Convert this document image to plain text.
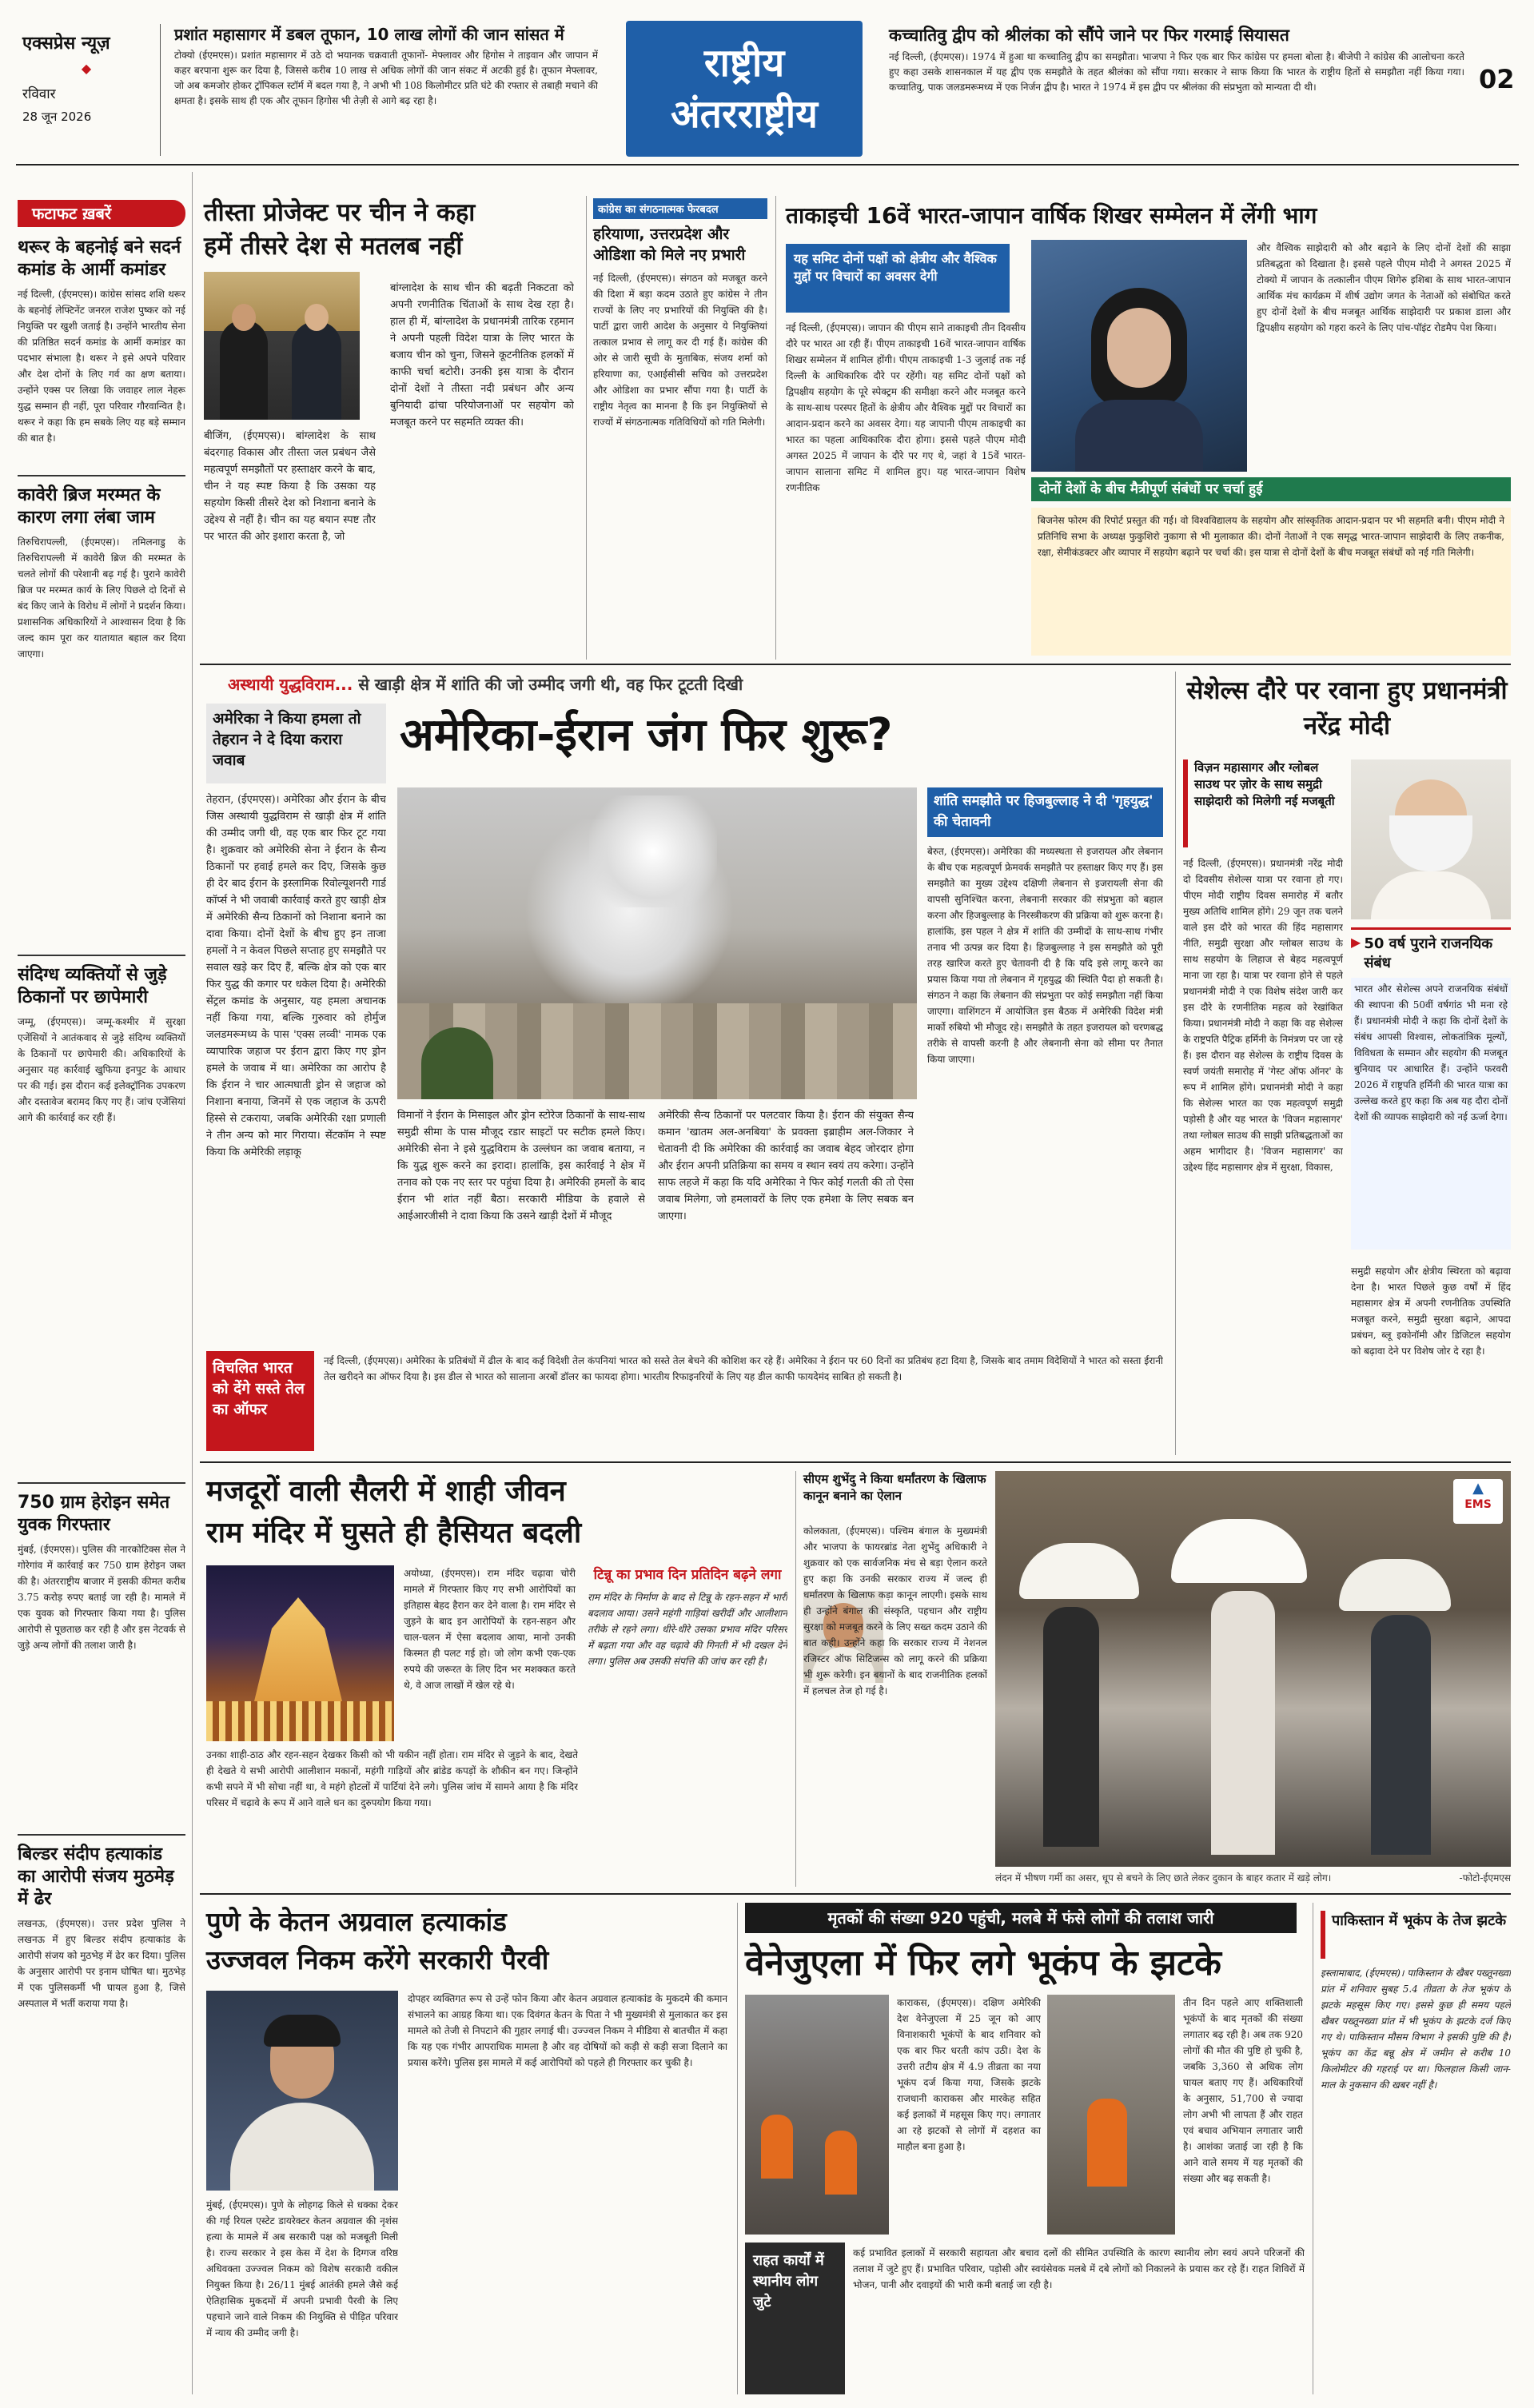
एक्सप्रेस न्यूज़
◆
रविवार
28 जून 2026
प्रशांत महासागर में डबल तूफान, 10 लाख लोगों की जान सांसत में
टोक्यो (ईएमएस)। प्रशांत महासागर में उठे दो भयानक चक्रवाती तूफानों- मेफ्लावर और हिगोस ने ताइवान और जापान में कहर बरपाना शुरू कर दिया है, जिससे करीब 10 लाख से अधिक लोगों की जान संकट में अटकी हुई है। तूफान मेफ्लावर, जो अब कमजोर होकर ट्रॉपिकल स्टॉर्म में बदल गया है, ने अभी भी 108 किलोमीटर प्रति घंटे की रफ्तार से तबाही मचाने की क्षमता है। इसके साथ ही एक और तूफान हिगोस भी तेज़ी से आगे बढ़ रहा है।
राष्ट्रीय
अंतरराष्ट्रीय
कच्चातिवु द्वीप को श्रीलंका को सौंपे जाने पर फिर गरमाई सियासत
नई दिल्ली, (ईएमएस)। 1974 में हुआ था कच्चातिवु द्वीप का समझौता। भाजपा ने फिर एक बार फिर कांग्रेस पर हमला बोला है। बीजेपी ने कांग्रेस की आलोचना करते हुए कहा उसके शासनकाल में यह द्वीप एक समझौते के तहत श्रीलंका को सौंपा गया। सरकार ने साफ किया कि भारत के राष्ट्रीय हितों से समझौता नहीं किया गया। कच्चातिवु, पाक जलडमरूमध्य में एक निर्जन द्वीप है। भारत ने 1974 में इस द्वीप पर श्रीलंका की संप्रभुता को मान्यता दी थी।	02
फटाफट ख़बरें
थरूर के बहनोई बने सदर्न कमांड के आर्मी कमांडर
नई दिल्ली, (ईएमएस)। कांग्रेस सांसद शशि थरूर के बहनोई लेफ्टिनेंट जनरल राजेश पुष्कर को नई नियुक्ति पर खुशी जताई है। उन्होंने भारतीय सेना की प्रतिष्ठित सदर्न कमांड के आर्मी कमांडर का पदभार संभाला है। थरूर ने इसे अपने परिवार और देश दोनों के लिए गर्व का क्षण बताया। उन्होंने एक्स पर लिखा कि जवाहर लाल नेहरू युद्ध सम्मान ही नहीं, पूरा परिवार गौरवान्वित है। थरूर ने कहा कि हम सबके लिए यह बड़े सम्मान की बात है।
कावेरी ब्रिज मरम्मत के कारण लगा लंबा जाम
तिरुचिरापल्ली, (ईएमएस)। तमिलनाडु के तिरुचिरापल्ली में कावेरी ब्रिज की मरम्मत के चलते लोगों की परेशानी बढ़ गई है। पुराने कावेरी ब्रिज पर मरम्मत कार्य के लिए पिछले दो दिनों से बंद किए जाने के विरोध में लोगों ने प्रदर्शन किया। प्रशासनिक अधिकारियों ने आश्वासन दिया है कि जल्द काम पूरा कर यातायात बहाल कर दिया जाएगा।
संदिग्ध व्यक्तियों से जुड़े ठिकानों पर छापेमारी
जम्मू, (ईएमएस)। जम्मू-कश्मीर में सुरक्षा एजेंसियों ने आतंकवाद से जुड़े संदिग्ध व्यक्तियों के ठिकानों पर छापेमारी की। अधिकारियों के अनुसार यह कार्रवाई खुफिया इनपुट के आधार पर की गई। इस दौरान कई इलेक्ट्रॉनिक उपकरण और दस्तावेज बरामद किए गए हैं। जांच एजेंसियां आगे की कार्रवाई कर रही हैं।
750 ग्राम हेरोइन समेत युवक गिरफ्तार
मुंबई, (ईएमएस)। पुलिस की नारकोटिक्स सेल ने गोरेगांव में कार्रवाई कर 750 ग्राम हेरोइन जब्त की है। अंतरराष्ट्रीय बाजार में इसकी कीमत करीब 3.75 करोड़ रुपए बताई जा रही है। मामले में एक युवक को गिरफ्तार किया गया है। पुलिस आरोपी से पूछताछ कर रही है और इस नेटवर्क से जुड़े अन्य लोगों की तलाश जारी है।
बिल्डर संदीप हत्याकांड का आरोपी संजय मुठमेड़ में ढेर
लखनऊ, (ईएमएस)। उत्तर प्रदेश पुलिस ने लखनऊ में हुए बिल्डर संदीप हत्याकांड के आरोपी संजय को मुठभेड़ में ढेर कर दिया। पुलिस के अनुसार आरोपी पर इनाम घोषित था। मुठभेड़ में एक पुलिसकर्मी भी घायल हुआ है, जिसे अस्पताल में भर्ती कराया गया है।
तीस्ता प्रोजेक्ट पर चीन ने कहा
हमें तीसरे देश से मतलब नहीं
बीजिंग, (ईएमएस)। बांग्लादेश के साथ बंदरगाह विकास और तीस्ता जल प्रबंधन जैसे महत्वपूर्ण समझौतों पर हस्ताक्षर करने के बाद, चीन ने यह स्पष्ट किया है कि उसका यह सहयोग किसी तीसरे देश को निशाना बनाने के उद्देश्य से नहीं है। चीन का यह बयान स्पष्ट तौर पर भारत की ओर इशारा करता है, जो
बांग्लादेश के साथ चीन की बढ़ती निकटता को अपनी रणनीतिक चिंताओं के साथ देख रहा है। हाल ही में, बांग्लादेश के प्रधानमंत्री तारिक रहमान ने अपनी पहली विदेश यात्रा के लिए भारत के बजाय चीन को चुना, जिसने कूटनीतिक हलकों में काफी चर्चा बटोरी। उनकी इस यात्रा के दौरान दोनों देशों ने तीस्ता नदी प्रबंधन और अन्य बुनियादी ढांचा परियोजनाओं पर सहयोग को मजबूत करने पर सहमति व्यक्त की।
कांग्रेस का संगठनात्मक फेरबदल
हरियाणा, उत्तरप्रदेश और ओडिशा को मिले नए प्रभारी
नई दिल्ली, (ईएमएस)। संगठन को मजबूत करने की दिशा में बड़ा कदम उठाते हुए कांग्रेस ने तीन राज्यों के लिए नए प्रभारियों की नियुक्ति की है। पार्टी द्वारा जारी आदेश के अनुसार ये नियुक्तियां तत्काल प्रभाव से लागू कर दी गई हैं। कांग्रेस की ओर से जारी सूची के मुताबिक, संजय शर्मा को हरियाणा का, एआईसीसी सचिव को उत्तरप्रदेश और ओडिशा का प्रभार सौंपा गया है। पार्टी के राष्ट्रीय नेतृत्व का मानना है कि इन नियुक्तियों से राज्यों में संगठनात्मक गतिविधियों को गति मिलेगी।
ताकाइची 16वें भारत-जापान वार्षिक शिखर सम्मेलन में लेंगी भाग
यह समिट दोनों पक्षों को क्षेत्रीय और वैश्विक मुद्दों पर विचारों का अवसर देगी
नई दिल्ली, (ईएमएस)। जापान की पीएम साने ताकाइची तीन दिवसीय दौरे पर भारत आ रही हैं। पीएम ताकाइची 16वें भारत-जापान वार्षिक शिखर सम्मेलन में शामिल होंगी। पीएम ताकाइची 1-3 जुलाई तक नई दिल्ली के आधिकारिक दौरे पर रहेंगी। यह समिट दोनों पक्षों को द्विपक्षीय सहयोग के पूरे स्पेक्ट्रम की समीक्षा करने और मजबूत करने के साथ-साथ परस्पर हितों के क्षेत्रीय और वैश्विक मुद्दों पर विचारों का आदान-प्रदान करने का अवसर देगा। यह जापानी पीएम ताकाइची का भारत का पहला आधिकारिक दौरा होगा। इससे पहले पीएम मोदी अगस्त 2025 में जापान के दौरे पर गए थे, जहां वे 15वें भारत-जापान सालाना समिट में शामिल हुए। यह भारत-जापान विशेष रणनीतिक
और वैश्विक साझेदारी को और बढ़ाने के लिए दोनों देशों की साझा प्रतिबद्धता को दिखाता है। इससे पहले पीएम मोदी ने अगस्त 2025 में टोक्यो में जापान के तत्कालीन पीएम शिगेरु इशिबा के साथ भारत-जापान आर्थिक मंच कार्यक्रम में शीर्ष उद्योग जगत के नेताओं को संबोधित करते हुए दोनों देशों के बीच मजबूत आर्थिक साझेदारी पर प्रकाश डाला और द्विपक्षीय सहयोग को गहरा करने के लिए पांच-पॉइंट रोडमैप पेश किया।
दोनों देशों के बीच मैत्रीपूर्ण संबंधों पर चर्चा हुई
बिजनेस फोरम की रिपोर्ट प्रस्तुत की गई। वो विश्वविद्यालय के सहयोग और सांस्कृतिक आदान-प्रदान पर भी सहमति बनी। पीएम मोदी ने प्रतिनिधि सभा के अध्यक्ष फुकुशिरो नुकागा से भी मुलाकात की। दोनों नेताओं ने एक समृद्ध भारत-जापान साझेदारी के लिए तकनीक, रक्षा, सेमीकंडक्टर और व्यापार में सहयोग बढ़ाने पर चर्चा की। इस यात्रा से दोनों देशों के बीच मजबूत संबंधों को नई गति मिलेगी।
अस्थायी युद्धविराम... से खाड़ी क्षेत्र में शांति की जो उम्मीद जगी थी, वह फिर टूटती दिखी
अमेरिका ने किया हमला तो तेहरान ने दे दिया करारा जवाब	अमेरिका-ईरान जंग फिर शुरू?
तेहरान, (ईएमएस)। अमेरिका और ईरान के बीच जिस अस्थायी युद्धविराम से खाड़ी क्षेत्र में शांति की उम्मीद जगी थी, वह एक बार फिर टूट गया है। शुक्रवार को अमेरिकी सेना ने ईरान के सैन्य ठिकानों पर हवाई हमले कर दिए, जिसके कुछ ही देर बाद ईरान के इस्लामिक रिवोल्यूशनरी गार्ड कॉर्प्स ने भी जवाबी कार्रवाई करते हुए खाड़ी क्षेत्र में अमेरिकी सैन्य ठिकानों को निशाना बनाने का दावा किया। दोनों देशों के बीच हुए इन ताजा हमलों ने न केवल पिछले सप्ताह हुए समझौते पर सवाल खड़े कर दिए हैं, बल्कि क्षेत्र को एक बार फिर युद्ध की कगार पर धकेल दिया है। अमेरिकी सेंट्रल कमांड के अनुसार, यह हमला अचानक नहीं किया गया, बल्कि गुरुवार को होर्मुज जलडमरूमध्य के पास 'एक्स लव्वी' नामक एक व्यापारिक जहाज पर ईरान द्वारा किए गए ड्रोन हमले के जवाब में था। अमेरिका का आरोप है कि ईरान ने चार आत्मघाती ड्रोन से जहाज को निशाना बनाया, जिनमें से एक जहाज के ऊपरी हिस्से से टकराया, जबकि अमेरिकी रक्षा प्रणाली ने तीन अन्य को मार गिराया। सेंटकॉम ने स्पष्ट किया कि अमेरिकी लड़ाकू
विमानों ने ईरान के मिसाइल और ड्रोन स्टोरेज ठिकानों के साथ-साथ समुद्री सीमा के पास मौजूद रडार साइटों पर सटीक हमले किए। अमेरिकी सेना ने इसे युद्धविराम के उल्लंघन का जवाब बताया, न कि युद्ध शुरू करने का इरादा। हालांकि, इस कार्रवाई ने क्षेत्र में तनाव को एक नए स्तर पर पहुंचा दिया है। अमेरिकी हमलों के बाद ईरान भी शांत नहीं बैठा। सरकारी मीडिया के हवाले से आईआरजीसी ने दावा किया कि उसने खाड़ी देशों में मौजूद
अमेरिकी सैन्य ठिकानों पर पलटवार किया है। ईरान की संयुक्त सैन्य कमान 'खातम अल-अनबिया' के प्रवक्ता इब्राहीम अल-जिकार ने चेतावनी दी कि अमेरिका की कार्रवाई का जवाब बेहद जोरदार होगा और ईरान अपनी प्रतिक्रिया का समय व स्थान स्वयं तय करेगा। उन्होंने साफ लहजे में कहा कि यदि अमेरिका ने फिर कोई गलती की तो ऐसा जवाब मिलेगा, जो हमलावरों के लिए एक हमेशा के लिए सबक बन जाएगा।
विचलित भारत को देंगे सस्ते तेल का ऑफर
नई दिल्ली, (ईएमएस)। अमेरिका के प्रतिबंधों में ढील के बाद कई विदेशी तेल कंपनियां भारत को सस्ते तेल बेचने की कोशिश कर रहे हैं। अमेरिका ने ईरान पर 60 दिनों का प्रतिबंध हटा दिया है, जिसके बाद तमाम विदेशियों ने भारत को सस्ता ईरानी तेल खरीदने का ऑफर दिया है। इस डील से भारत को सालाना अरबों डॉलर का फायदा होगा। भारतीय रिफाइनरियों के लिए यह डील काफी फायदेमंद साबित हो सकती है।
शांति समझौते पर हिजबुल्लाह ने दी 'गृहयुद्ध' की चेतावनी
बेरुत, (ईएमएस)। अमेरिका की मध्यस्थता से इजरायल और लेबनान के बीच एक महत्वपूर्ण फ्रेमवर्क समझौते पर हस्ताक्षर किए गए हैं। इस समझौते का मुख्य उद्देश्य दक्षिणी लेबनान से इजरायली सेना की वापसी सुनिश्चित करना, लेबनानी सरकार की संप्रभुता को बहाल करना और हिजबुल्लाह के निरस्त्रीकरण की प्रक्रिया को शुरू करना है। हालांकि, इस पहल ने क्षेत्र में शांति की उम्मीदों के साथ-साथ गंभीर तनाव भी उत्पन्न कर दिया है। हिजबुल्लाह ने इस समझौते को पूरी तरह खारिज करते हुए चेतावनी दी है कि यदि इसे लागू करने का प्रयास किया गया तो लेबनान में गृहयुद्ध की स्थिति पैदा हो सकती है। संगठन ने कहा कि लेबनान की संप्रभुता पर कोई समझौता नहीं किया जाएगा। वाशिंगटन में आयोजित इस बैठक में अमेरिकी विदेश मंत्री मार्को रुबियो भी मौजूद रहे। समझौते के तहत इजरायल को चरणबद्ध तरीके से वापसी करनी है और लेबनानी सेना को सीमा पर तैनात किया जाएगा।
सेशेल्स दौरे पर रवाना हुए प्रधानमंत्री नरेंद्र मोदी
विज़न महासागर और ग्लोबल साउथ पर ज़ोर के साथ समुद्री साझेदारी को मिलेगी नई मजबूती
नई दिल्ली, (ईएमएस)। प्रधानमंत्री नरेंद्र मोदी दो दिवसीय सेशेल्स यात्रा पर रवाना हो गए। पीएम मोदी राष्ट्रीय दिवस समारोह में बतौर मुख्य अतिथि शामिल होंगे। 29 जून तक चलने वाले इस दौरे को भारत की हिंद महासागर नीति, समुद्री सुरक्षा और ग्लोबल साउथ के साथ सहयोग के लिहाज से बेहद महत्वपूर्ण माना जा रहा है। यात्रा पर रवाना होने से पहले प्रधानमंत्री मोदी ने एक विशेष संदेश जारी कर इस दौरे के रणनीतिक महत्व को रेखांकित किया। प्रधानमंत्री मोदी ने कहा कि वह सेशेल्स के राष्ट्रपति पैट्रिक हर्मिनी के निमंत्रण पर जा रहे हैं। इस दौरान वह सेशेल्स के राष्ट्रीय दिवस के स्वर्ण जयंती समारोह में 'गेस्ट ऑफ ऑनर' के रूप में शामिल होंगे। प्रधानमंत्री मोदी ने कहा कि सेशेल्स भारत का एक महत्वपूर्ण समुद्री पड़ोसी है और यह भारत के 'विजन महासागर' तथा ग्लोबल साउथ की साझी प्रतिबद्धताओं का अहम भागीदार है। 'विजन महासागर' का उद्देश्य हिंद महासागर क्षेत्र में सुरक्षा, विकास,
▶ 50 वर्ष पुराने राजनयिक संबंध
भारत और सेशेल्स अपने राजनयिक संबंधों की स्थापना की 50वीं वर्षगांठ भी मना रहे हैं। प्रधानमंत्री मोदी ने कहा कि दोनों देशों के संबंध आपसी विश्वास, लोकतांत्रिक मूल्यों, विविधता के सम्मान और सहयोग की मजबूत बुनियाद पर आधारित हैं। उन्होंने फरवरी 2026 में राष्ट्रपति हर्मिनी की भारत यात्रा का उल्लेख करते हुए कहा कि अब यह दौरा दोनों देशों की व्यापक साझेदारी को नई ऊर्जा देगा।
समुद्री सहयोग और क्षेत्रीय स्थिरता को बढ़ावा देना है। भारत पिछले कुछ वर्षों में हिंद महासागर क्षेत्र में अपनी रणनीतिक उपस्थिति मजबूत करने, समुद्री सुरक्षा बढ़ाने, आपदा प्रबंधन, ब्लू इकोनॉमी और डिजिटल सहयोग को बढ़ावा देने पर विशेष जोर दे रहा है।
मजदूरों वाली सैलरी में शाही जीवन
राम मंदिर में घुसते ही हैसियत बदली
अयोध्या, (ईएमएस)। राम मंदिर चढ़ावा चोरी मामले में गिरफ्तार किए गए सभी आरोपियों का इतिहास बेहद हैरान कर देने वाला है। राम मंदिर से जुड़ने के बाद इन आरोपियों के रहन-सहन और चाल-चलन में ऐसा बदलाव आया, मानो उनकी किस्मत ही पलट गई हो। जो लोग कभी एक-एक रुपये की जरूरत के लिए दिन भर मशक्कत करते थे, वे आज लाखों में खेल रहे थे।
टिन्नू का प्रभाव दिन प्रतिदिन बढ़ने लगा
राम मंदिर के निर्माण के बाद से टिन्नू के रहन-सहन में भारी बदलाव आया। उसने महंगी गाड़ियां खरीदीं और आलीशान तरीके से रहने लगा। धीरे-धीरे उसका प्रभाव मंदिर परिसर में बढ़ता गया और वह चढ़ावे की गिनती में भी दखल देने लगा। पुलिस अब उसकी संपत्ति की जांच कर रही है।
उनका शाही-ठाठ और रहन-सहन देखकर किसी को भी यकीन नहीं होता। राम मंदिर से जुड़ने के बाद, देखते ही देखते ये सभी आरोपी आलीशान मकानों, महंगी गाड़ियों और ब्रांडेड कपड़ों के शौकीन बन गए। जिन्होंने कभी सपने में भी सोचा नहीं था, वे महंगे होटलों में पार्टियां देने लगे। पुलिस जांच में सामने आया है कि मंदिर परिसर में चढ़ावे के रूप में आने वाले धन का दुरुपयोग किया गया।
सीएम शुभेंदु ने किया धर्मांतरण के खिलाफ कानून बनाने का ऐलान
कोलकाता, (ईएमएस)। पश्चिम बंगाल के मुख्यमंत्री और भाजपा के फायरब्रांड नेता शुभेंदु अधिकारी ने शुक्रवार को एक सार्वजनिक मंच से बड़ा ऐलान करते हुए कहा कि उनकी सरकार राज्य में जल्द ही धर्मांतरण के खिलाफ कड़ा कानून लाएगी। इसके साथ ही उन्होंने बंगाल की संस्कृति, पहचान और राष्ट्रीय सुरक्षा को मजबूत करने के लिए सख्त कदम उठाने की बात कही। उन्होंने कहा कि सरकार राज्य में नेशनल रजिस्टर ऑफ सिटिजन्स को लागू करने की प्रक्रिया भी शुरू करेगी। इन बयानों के बाद राजनीतिक हलकों में हलचल तेज हो गई है।
▲
EMS
लंदन में भीषण गर्मी का असर, धूप से बचने के लिए छाते लेकर दुकान के बाहर कतार में खड़े लोग।	-फोटो-ईएमएस
पुणे के केतन अग्रवाल हत्याकांड
उज्जवल निकम करेंगे सरकारी पैरवी
मुंबई, (ईएमएस)। पुणे के लोहगढ़ किले से धक्का देकर की गई रियल एस्टेट डायरेक्टर केतन अग्रवाल की नृशंस हत्या के मामले में अब सरकारी पक्ष को मजबूती मिली है। राज्य सरकार ने इस केस में देश के दिग्गज वरिष्ठ अधिवक्ता उज्ज्वल निकम को विशेष सरकारी वकील नियुक्त किया है। 26/11 मुंबई आतंकी हमले जैसे कई ऐतिहासिक मुकदमों में अपनी प्रभावी पैरवी के लिए पहचाने जाने वाले निकम की नियुक्ति से पीड़ित परिवार में न्याय की उम्मीद जगी है।
दोपहर व्यक्तिगत रूप से उन्हें फोन किया और केतन अग्रवाल हत्याकांड के मुकदमे की कमान संभालने का आग्रह किया था। एक दिवंगत केतन के पिता ने भी मुख्यमंत्री से मुलाकात कर इस मामले को तेजी से निपटाने की गुहार लगाई थी। उज्ज्वल निकम ने मीडिया से बातचीत में कहा कि यह एक गंभीर आपराधिक मामला है और वह दोषियों को कड़ी से कड़ी सजा दिलाने का प्रयास करेंगे। पुलिस इस मामले में कई आरोपियों को पहले ही गिरफ्तार कर चुकी है।
मृतकों की संख्या 920 पहुंची, मलबे में फंसे लोगों की तलाश जारी
वेनेजुएला में फिर लगे भूकंप के झटके
काराकस, (ईएमएस)। दक्षिण अमेरिकी देश वेनेजुएला में 25 जून को आए विनाशकारी भूकंपों के बाद शनिवार को एक बार फिर धरती कांप उठी। देश के उत्तरी तटीय क्षेत्र में 4.9 तीव्रता का नया भूकंप दर्ज किया गया, जिसके झटके राजधानी काराकस और मारकेह सहित कई इलाकों में महसूस किए गए। लगातार आ रहे झटकों से लोगों में दहशत का माहौल बना हुआ है।
तीन दिन पहले आए शक्तिशाली भूकंपों के बाद मृतकों की संख्या लगातार बढ़ रही है। अब तक 920 लोगों की मौत की पुष्टि हो चुकी है, जबकि 3,360 से अधिक लोग घायल बताए गए हैं। अधिकारियों के अनुसार, 51,700 से ज्यादा लोग अभी भी लापता हैं और राहत एवं बचाव अभियान लगातार जारी है। आशंका जताई जा रही है कि आने वाले समय में यह मृतकों की संख्या और बढ़ सकती है।
राहत कार्यों में स्थानीय लोग जुटे
कई प्रभावित इलाकों में सरकारी सहायता और बचाव दलों की सीमित उपस्थिति के कारण स्थानीय लोग स्वयं अपने परिजनों की तलाश में जुटे हुए हैं। प्रभावित परिवार, पड़ोसी और स्वयंसेवक मलबे में दबे लोगों को निकालने के प्रयास कर रहे हैं। राहत शिविरों में भोजन, पानी और दवाइयों की भारी कमी बताई जा रही है।
पाकिस्तान में भूकंप के तेज झटके
इस्लामाबाद, (ईएमएस)। पाकिस्तान के खैबर पख्तूनख्वा प्रांत में शनिवार सुबह 5.4 तीव्रता के तेज भूकंप के झटके महसूस किए गए। इससे कुछ ही समय पहले खैबर पख्तूनख्वा प्रांत में भी भूकंप के झटके दर्ज किए गए थे। पाकिस्तान मौसम विभाग ने इसकी पुष्टि की है। भूकंप का केंद्र बन्नू क्षेत्र में जमीन से करीब 10 किलोमीटर की गहराई पर था। फिलहाल किसी जान-माल के नुकसान की खबर नहीं है।
